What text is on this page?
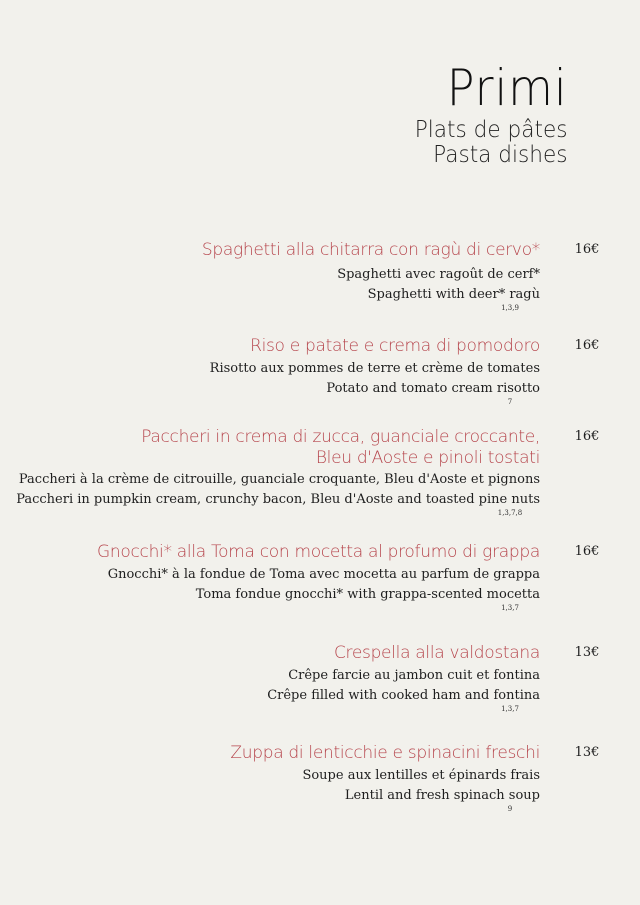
Primi
Plats de pâtes
Pasta dishes
Spaghetti alla chitarra con ragù di cervo*	16€
Spaghetti avec ragoût de cerf*
Spaghetti with deer* ragù
1,3,9
Riso e patate e crema di pomodoro	16€
Risotto aux pommes de terre et crème de tomates
Potato and tomato cream risotto
7
Paccheri in crema di zucca, guanciale croccante,
Bleu d'Aoste e pinoli tostati
16€
Paccheri à la crème de citrouille, guanciale croquante, Bleu d'Aoste et pignons
Paccheri in pumpkin cream, crunchy bacon, Bleu d'Aoste and toasted pine nuts
1,3,7,8
Gnocchi* alla Toma con mocetta al profumo di grappa	16€
Gnocchi* à la fondue de Toma avec mocetta au parfum de grappa
Toma fondue gnocchi* with grappa-scented mocetta
1,3,7
Crespella alla valdostana	13€
Crêpe farcie au jambon cuit et fontina
Crêpe filled with cooked ham and fontina
1,3,7
Zuppa di lenticchie e spinacini freschi	13€
Soupe aux lentilles et épinards frais
Lentil and fresh spinach soup
9
